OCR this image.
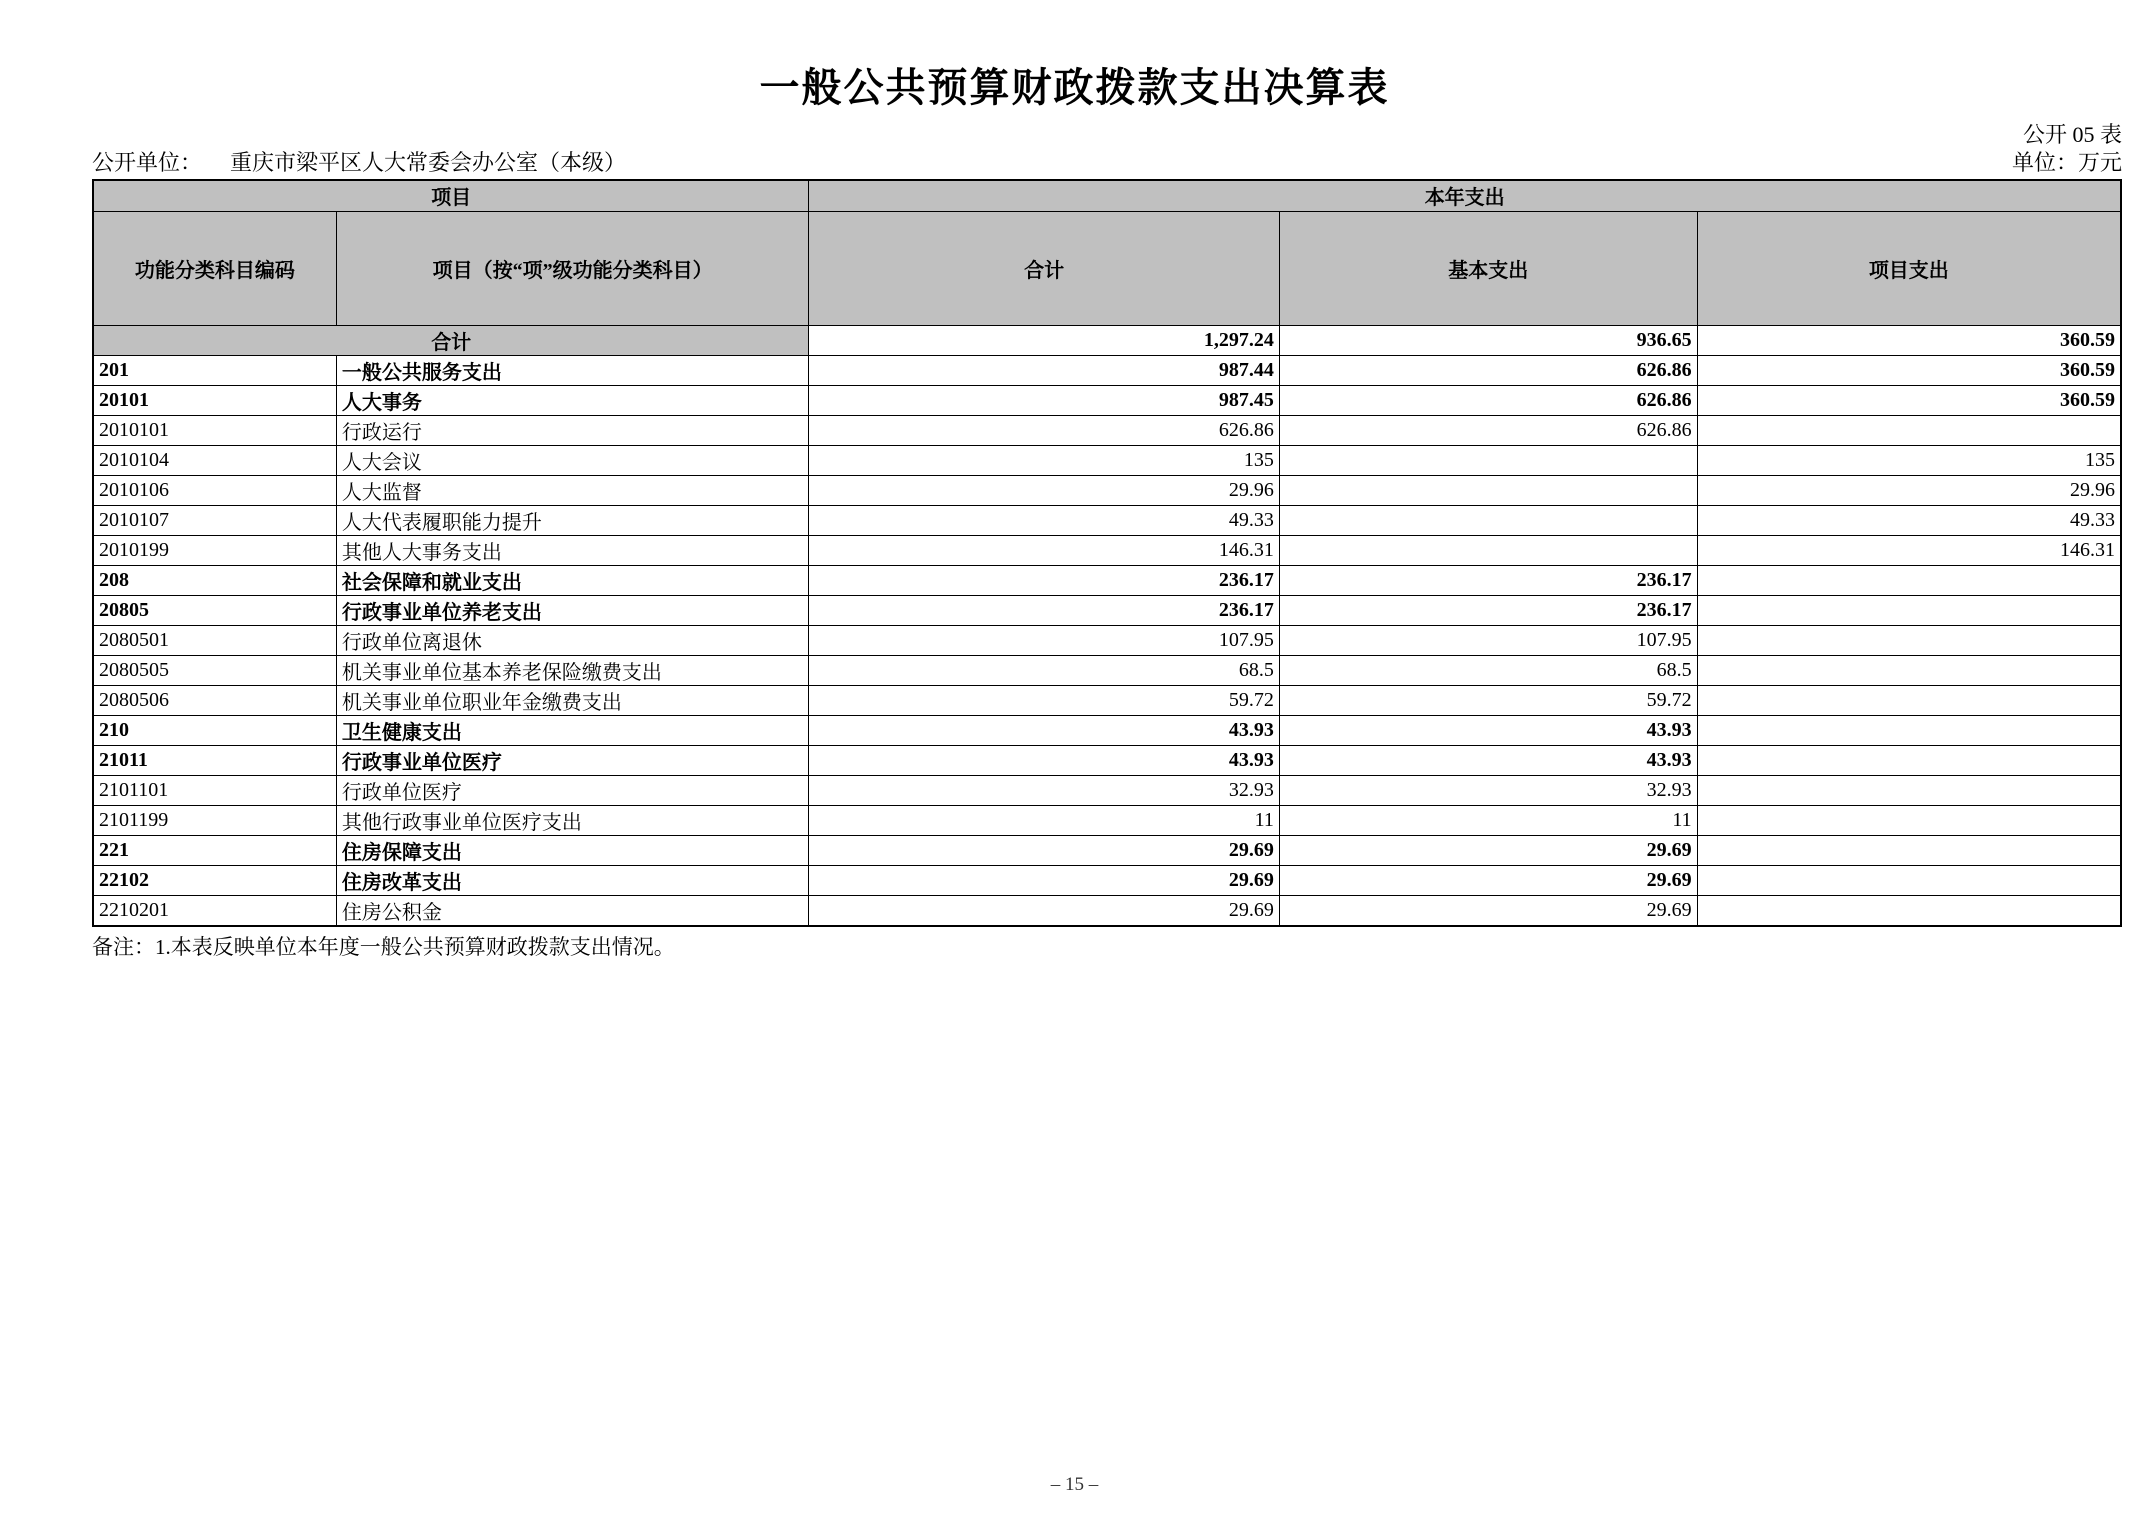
一般公共预算财政拨款支出决算表
公开 05 表
公开单位： 重庆市梁平区人大常委会办公室（本级）	单位：万元
项目		本年支出		
功能分类科目编码	项目（按“项”级功能分类科目）	合计	基本支出	项目支出
合计		1,297.24	936.65	360.59
201	一般公共服务支出	987.44	626.86	360.59
20101	人大事务	987.45	626.86	360.59
2010101	行政运行	626.86	626.86	
2010104	人大会议	135		135
2010106	人大监督	29.96		29.96
2010107	人大代表履职能力提升	49.33		49.33
2010199	其他人大事务支出	146.31		146.31
208	社会保障和就业支出	236.17	236.17	
20805	行政事业单位养老支出	236.17	236.17	
2080501	行政单位离退休	107.95	107.95	
2080505	机关事业单位基本养老保险缴费支出	68.5	68.5	
2080506	机关事业单位职业年金缴费支出	59.72	59.72	
210	卫生健康支出	43.93	43.93	
21011	行政事业单位医疗	43.93	43.93	
2101101	行政单位医疗	32.93	32.93	
2101199	其他行政事业单位医疗支出	11	11	
221	住房保障支出	29.69	29.69	
22102	住房改革支出	29.69	29.69	
2210201	住房公积金	29.69	29.69	
备注：1.本表反映单位本年度一般公共预算财政拨款支出情况。
– 15 –
